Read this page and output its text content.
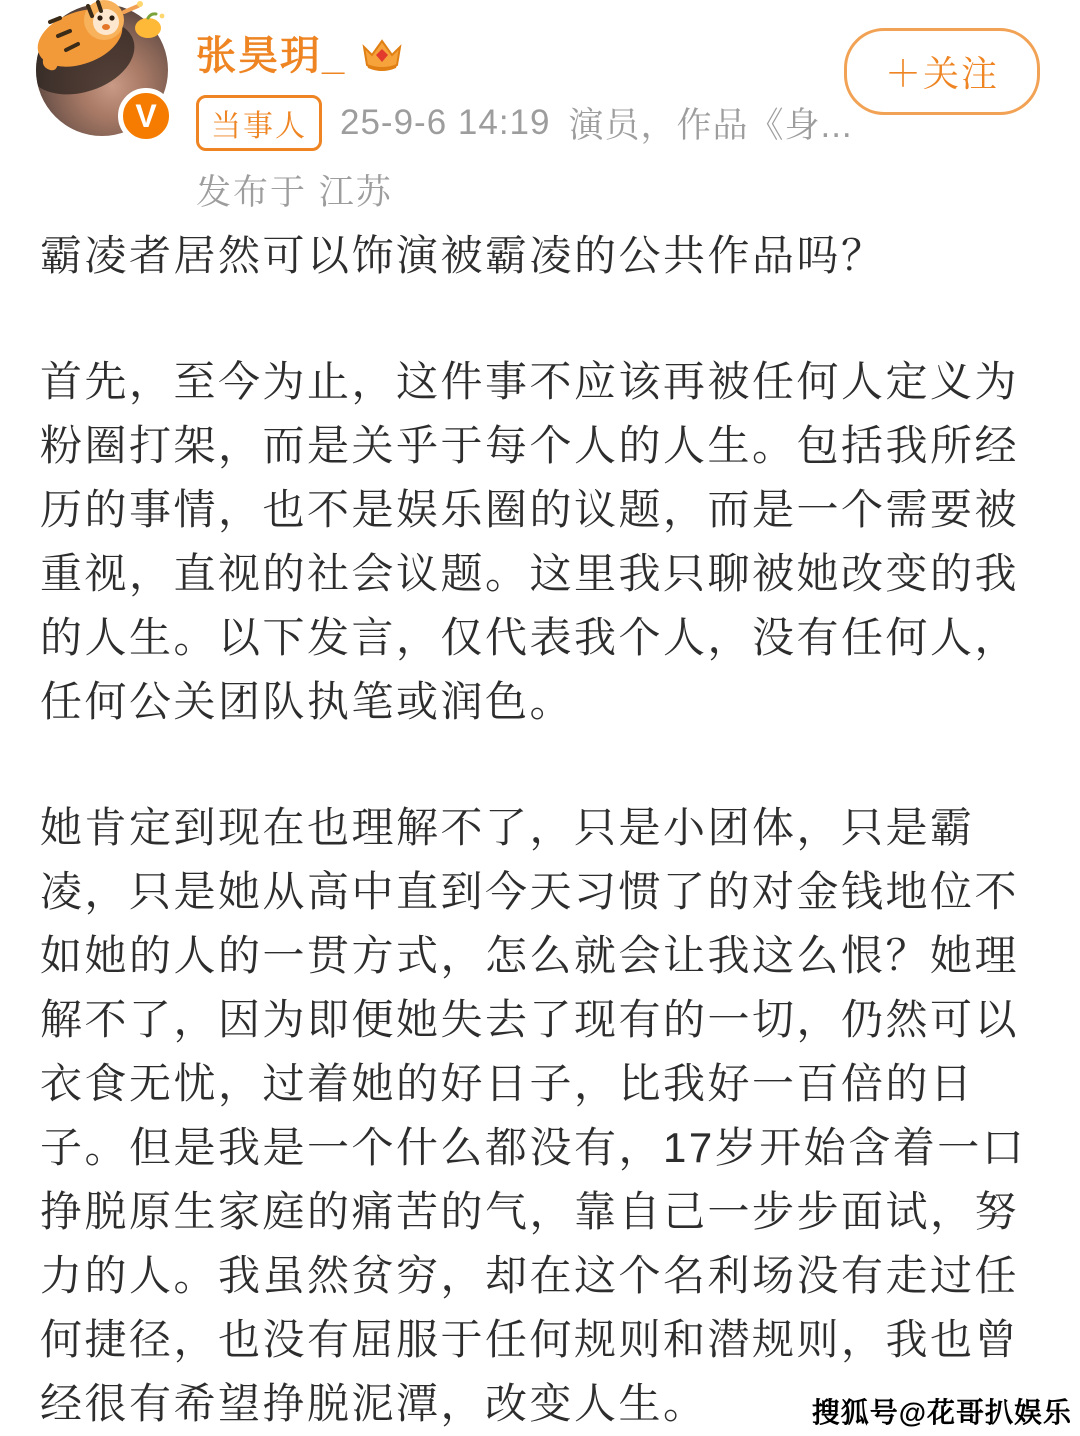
V
张昊玥_
当事人 25-9-6 14:19 演员，作品《身...
发布于 江苏
＋关注

霸凌者居然可以饰演被霸凌的公共作品吗？

首先，至今为止，这件事不应该再被任何人定义为粉圈打架，而是关乎于每个人的人生。包括我所经历的事情，也不是娱乐圈的议题，而是一个需要被重视，直视的社会议题。这里我只聊被她改变的我的人生。以下发言，仅代表我个人，没有任何人，任何公关团队执笔或润色。

她肯定到现在也理解不了，只是小团体，只是霸凌，只是她从高中直到今天习惯了的对金钱地位不如她的人的一贯方式，怎么就会让我这么恨？她理解不了，因为即便她失去了现有的一切，仍然可以衣食无忧，过着她的好日子，比我好一百倍的日子。但是我是一个什么都没有，17岁开始含着一口挣脱原生家庭的痛苦的气，靠自己一步步面试，努力的人。我虽然贫穷，却在这个名利场没有走过任何捷径，也没有屈服于任何规则和潜规则，我也曾经很有希望挣脱泥潭，改变人生。	搜狐号@花哥扒娱乐
